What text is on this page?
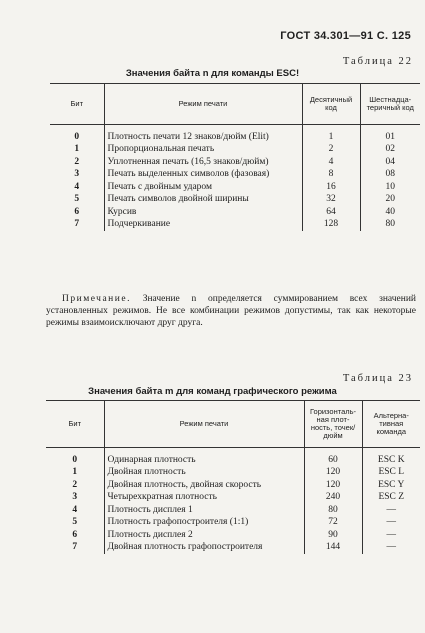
ГОСТ 34.301—91 С. 125
Таблица 22
Значения байта n для команды ESC!
Бит	Режим печати	Десятичный код	Шестнадца-теричный код
0	Плотность печати 12 знаков/дюйм (Elit)	1	01
1	Пропорциональная печать	2	02
2	Уплотненная печать (16,5 знаков/дюйм)	4	04
3	Печать выделенных символов (фазовая)	8	08
4	Печать с двойным ударом	16	10
5	Печать символов двойной ширины	32	20
6	Курсив	64	40
7	Подчеркивание	128	80
Примечание. Значение n определяется суммированием всех значений установленных режимов. Не все комбинации режимов допустимы, так как некоторые режимы взаимоисключают друг друга.
Таблица 23
Значения байта m для команд графического режима
Бит	Режим печати	Горизонталь-ная плот-ность, точек/дюйм	Альтерна-тивная команда
0	Одинарная плотность	60	ESC K
1	Двойная плотность	120	ESC L
2	Двойная плотность, двойная скорость	120	ESC Y
3	Четырехкратная плотность	240	ESC Z
4	Плотность дисплея 1	80	—
5	Плотность графопостроителя (1:1)	72	—
6	Плотность дисплея 2	90	—
7	Двойная плотность графопостроителя	144	—
